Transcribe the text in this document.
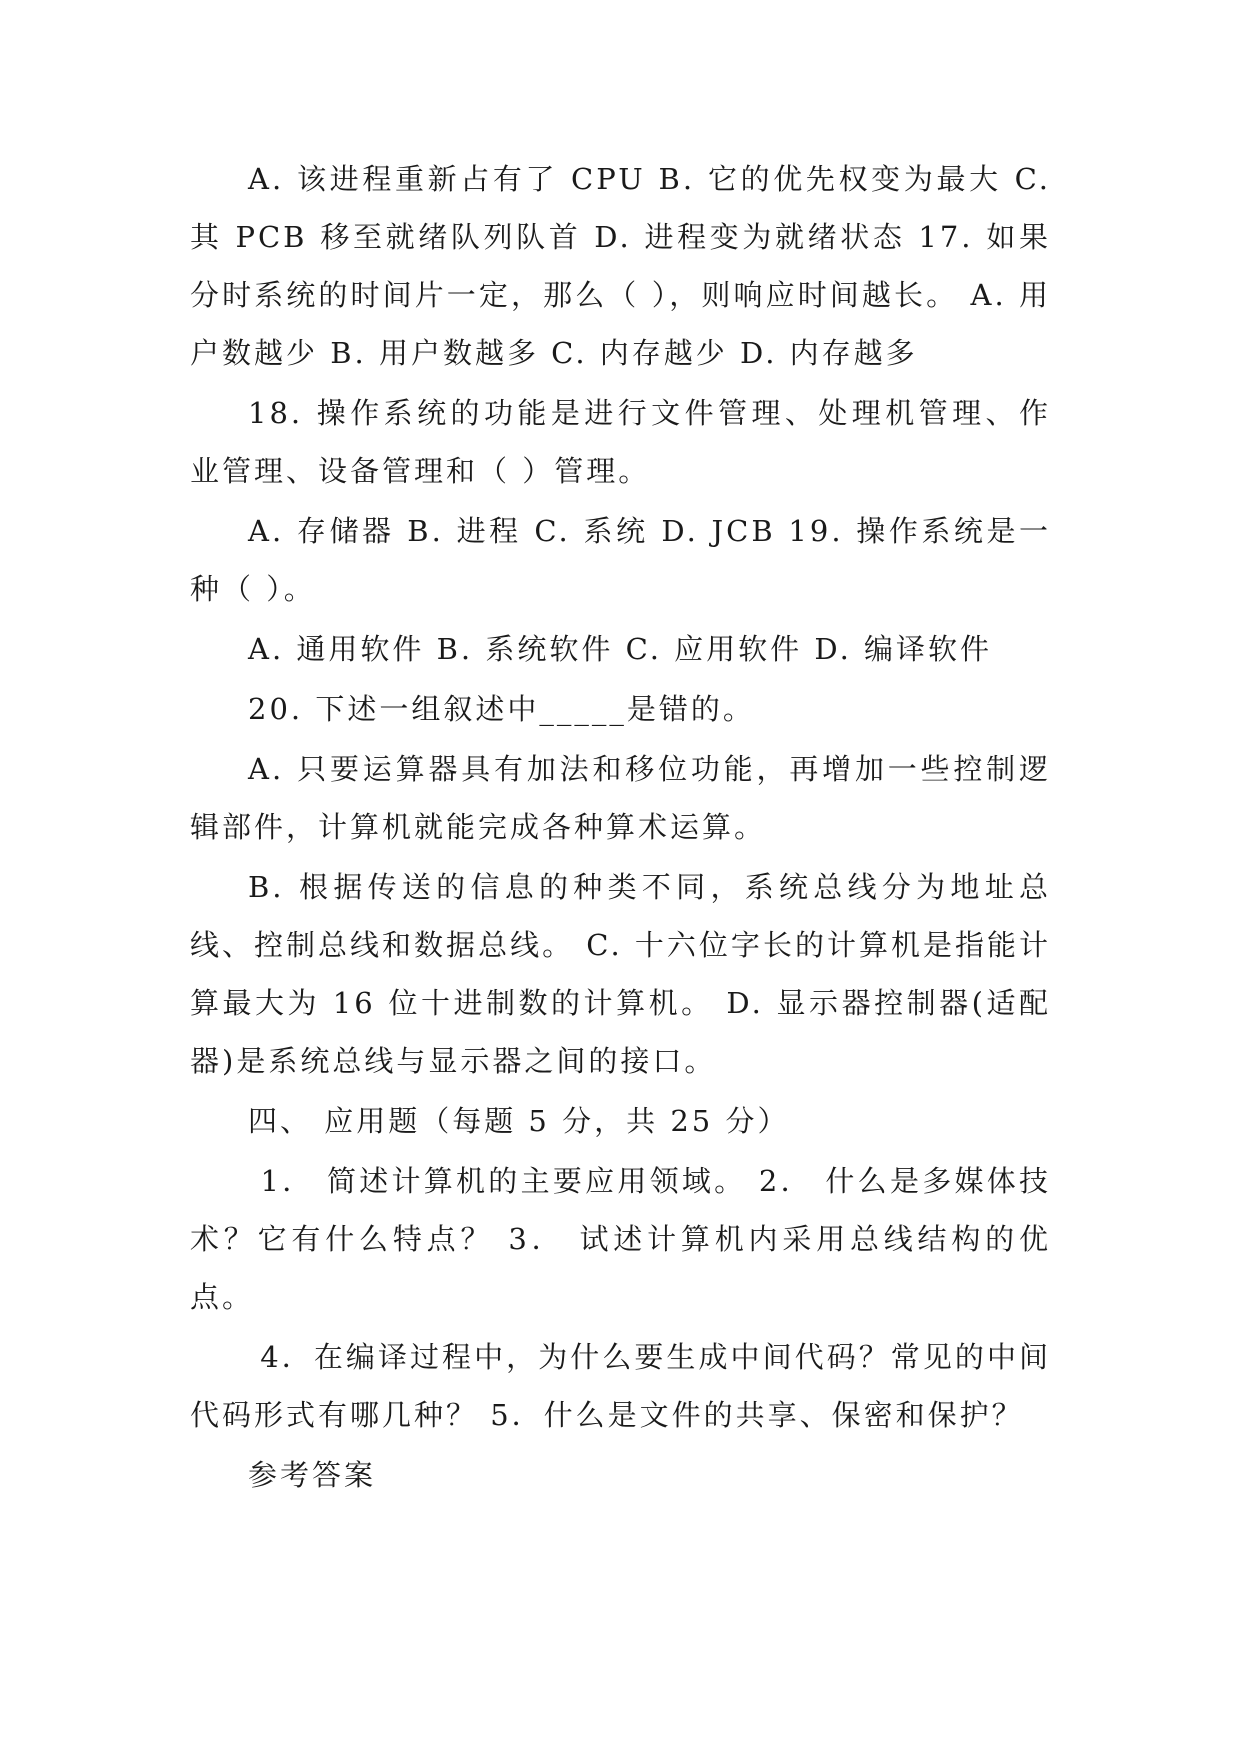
A. 该进程重新占有了 CPU B. 它的优先权变为最大 C. 其 PCB 移至就绪队列队首 D. 进程变为就绪状态 17. 如果分时系统的时间片一定，那么（ ），则响应时间越长。 A. 用户数越少 B. 用户数越多 C. 内存越少 D. 内存越多

18. 操作系统的功能是进行文件管理、处理机管理、作业管理、设备管理和（ ）管理。

A. 存储器 B. 进程 C. 系统 D. JCB 19. 操作系统是一种（ ）。

A. 通用软件 B. 系统软件 C. 应用软件 D. 编译软件

20. 下述一组叙述中_____是错的。

A. 只要运算器具有加法和移位功能，再增加一些控制逻辑部件，计算机就能完成各种算术运算。

B. 根据传送的信息的种类不同，系统总线分为地址总线、控制总线和数据总线。 C. 十六位字长的计算机是指能计算最大为 16 位十进制数的计算机。 D. 显示器控制器(适配器)是系统总线与显示器之间的接口。

四、 应用题（每题 5 分，共 25 分）

1． 简述计算机的主要应用领域。 2． 什么是多媒体技术？它有什么特点？ 3． 试述计算机内采用总线结构的优点。

4．在编译过程中，为什么要生成中间代码？常见的中间代码形式有哪几种？ 5．什么是文件的共享、保密和保护？

参考答案
